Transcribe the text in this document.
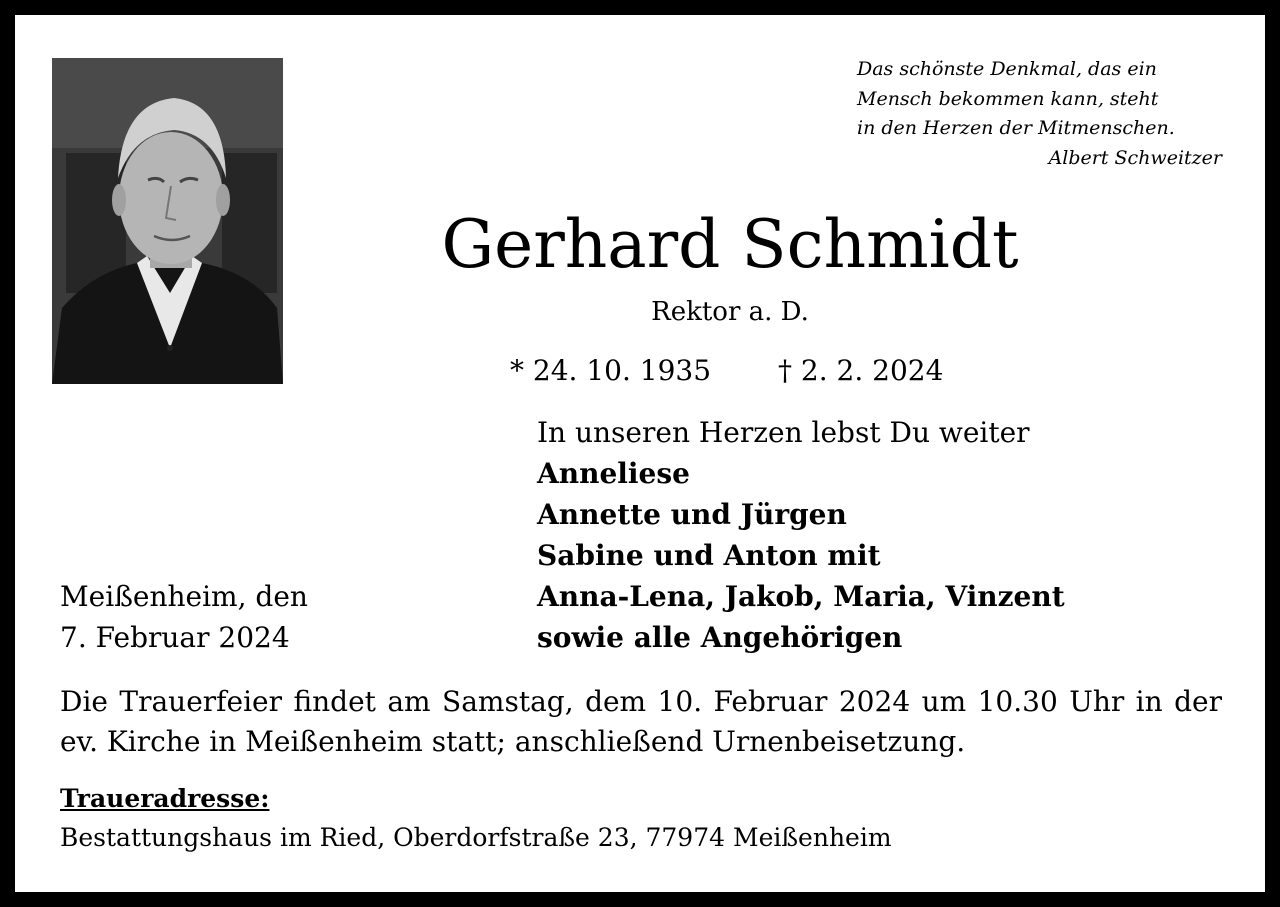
Das schönste Denkmal, das ein
Mensch bekommen kann, steht
in den Herzen der Mitmenschen.
Albert Schweitzer
Gerhard Schmidt
Rektor a. D.
* 24. 10. 1935 † 2. 2. 2024
In unseren Herzen lebst Du weiter
Anneliese
Annette und Jürgen
Sabine und Anton mit
Anna-Lena, Jakob, Maria, Vinzent
sowie alle Angehörigen
Meißenheim, den
7. Februar 2024
Die Trauerfeier findet am Samstag, dem 10. Februar 2024 um 10.30 Uhr in der ev. Kirche in Meißenheim statt; anschließend Urnenbeisetzung.
Traueradresse:
Bestattungshaus im Ried, Oberdorfstraße 23, 77974 Meißenheim
